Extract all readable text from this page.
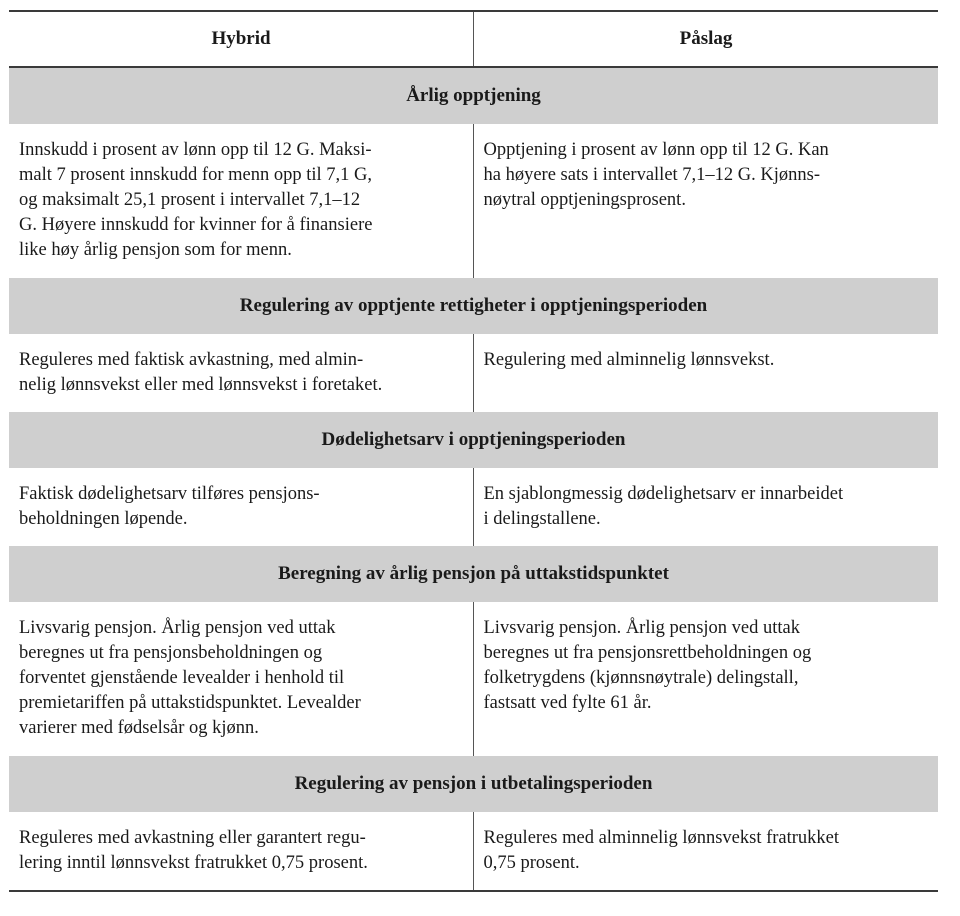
Hybrid	Påslag
Årlig opptjening
Innskudd i prosent av lønn opp til 12 G. Maksi-
malt 7 prosent innskudd for menn opp til 7,1 G,
og maksimalt 25,1 prosent i intervallet 7,1–12
G. Høyere innskudd for kvinner for å finansiere
like høy årlig pensjon som for menn.
Opptjening i prosent av lønn opp til 12 G. Kan
ha høyere sats i intervallet 7,1–12 G. Kjønns-
nøytral opptjeningsprosent.
Regulering av opptjente rettigheter i opptjeningsperioden
Reguleres med faktisk avkastning, med almin-
nelig lønnsvekst eller med lønnsvekst i foretaket.
Regulering med alminnelig lønnsvekst.
Dødelighetsarv i opptjeningsperioden
Faktisk dødelighetsarv tilføres pensjons-
beholdningen løpende.
En sjablongmessig dødelighetsarv er innarbeidet
i delingstallene.
Beregning av årlig pensjon på uttakstidspunktet
Livsvarig pensjon. Årlig pensjon ved uttak
beregnes ut fra pensjonsbeholdningen og
forventet gjenstående levealder i henhold til
premietariffen på uttakstidspunktet. Levealder
varierer med fødselsår og kjønn.
Livsvarig pensjon. Årlig pensjon ved uttak
beregnes ut fra pensjonsrettbeholdningen og
folketrygdens (kjønnsnøytrale) delingstall,
fastsatt ved fylte 61 år.
Regulering av pensjon i utbetalingsperioden
Reguleres med avkastning eller garantert regu-
lering inntil lønnsvekst fratrukket 0,75 prosent.
Reguleres med alminnelig lønnsvekst fratrukket
0,75 prosent.
